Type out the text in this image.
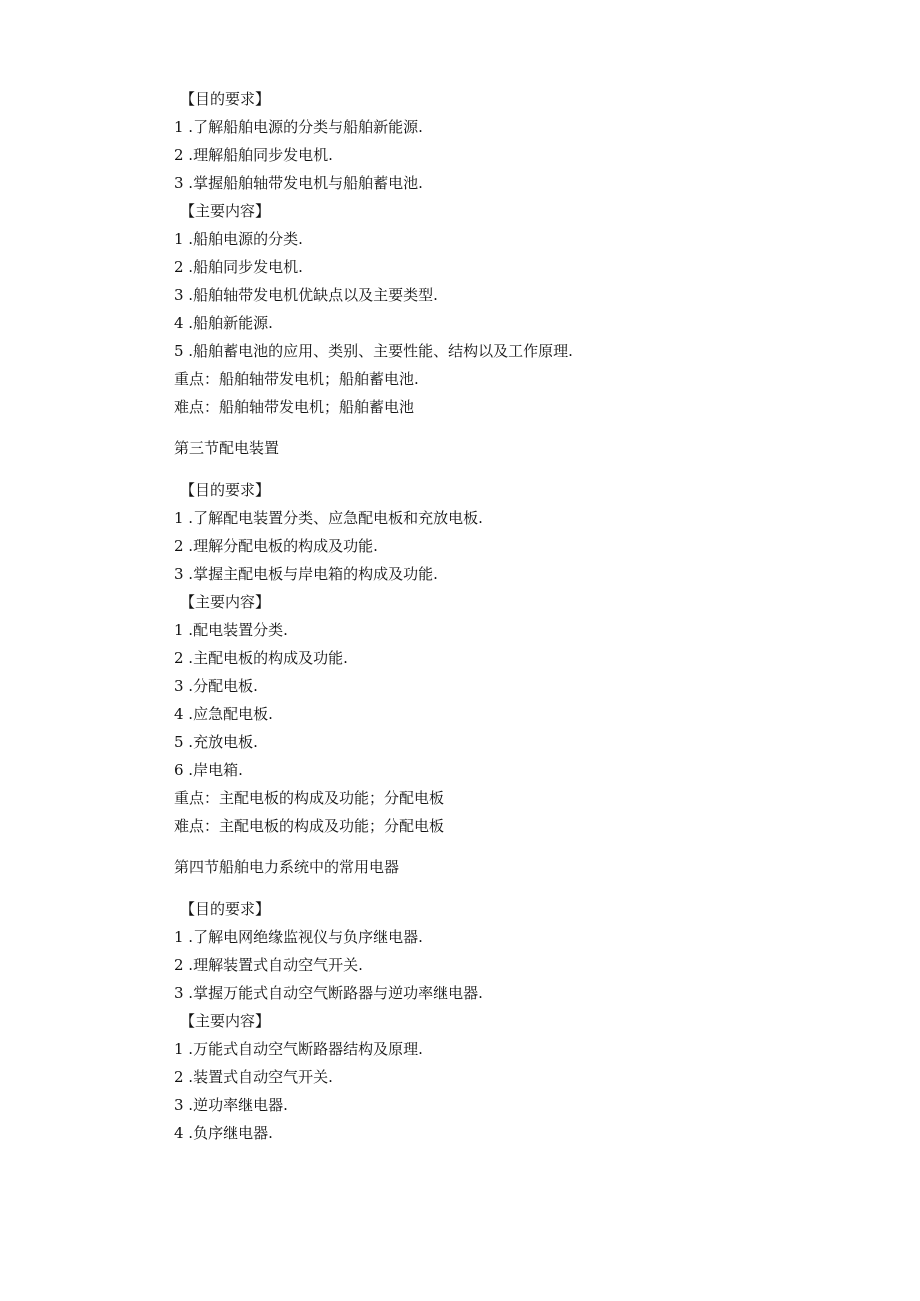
【目的要求】
1 .了解船舶电源的分类与船舶新能源.
2 .理解船舶同步发电机.
3 .掌握船舶轴带发电机与船舶蓄电池.
【主要内容】
1 .船舶电源的分类.
2 .船舶同步发电机.
3 .船舶轴带发电机优缺点以及主要类型.
4 .船舶新能源.
5 .船舶蓄电池的应用、类别、主要性能、结构以及工作原理.
重点：船舶轴带发电机；船舶蓄电池.
难点：船舶轴带发电机；船舶蓄电池
第三节配电装置
【目的要求】
1 .了解配电装置分类、应急配电板和充放电板.
2 .理解分配电板的构成及功能.
3 .掌握主配电板与岸电箱的构成及功能.
【主要内容】
1 .配电装置分类.
2 .主配电板的构成及功能.
3 .分配电板.
4 .应急配电板.
5 .充放电板.
6 .岸电箱.
重点：主配电板的构成及功能；分配电板
难点：主配电板的构成及功能；分配电板
第四节船舶电力系统中的常用电器
【目的要求】
1 .了解电网绝缘监视仪与负序继电器.
2 .理解装置式自动空气开关.
3 .掌握万能式自动空气断路器与逆功率继电器.
【主要内容】
1 .万能式自动空气断路器结构及原理.
2 .装置式自动空气开关.
3 .逆功率继电器.
4 .负序继电器.
